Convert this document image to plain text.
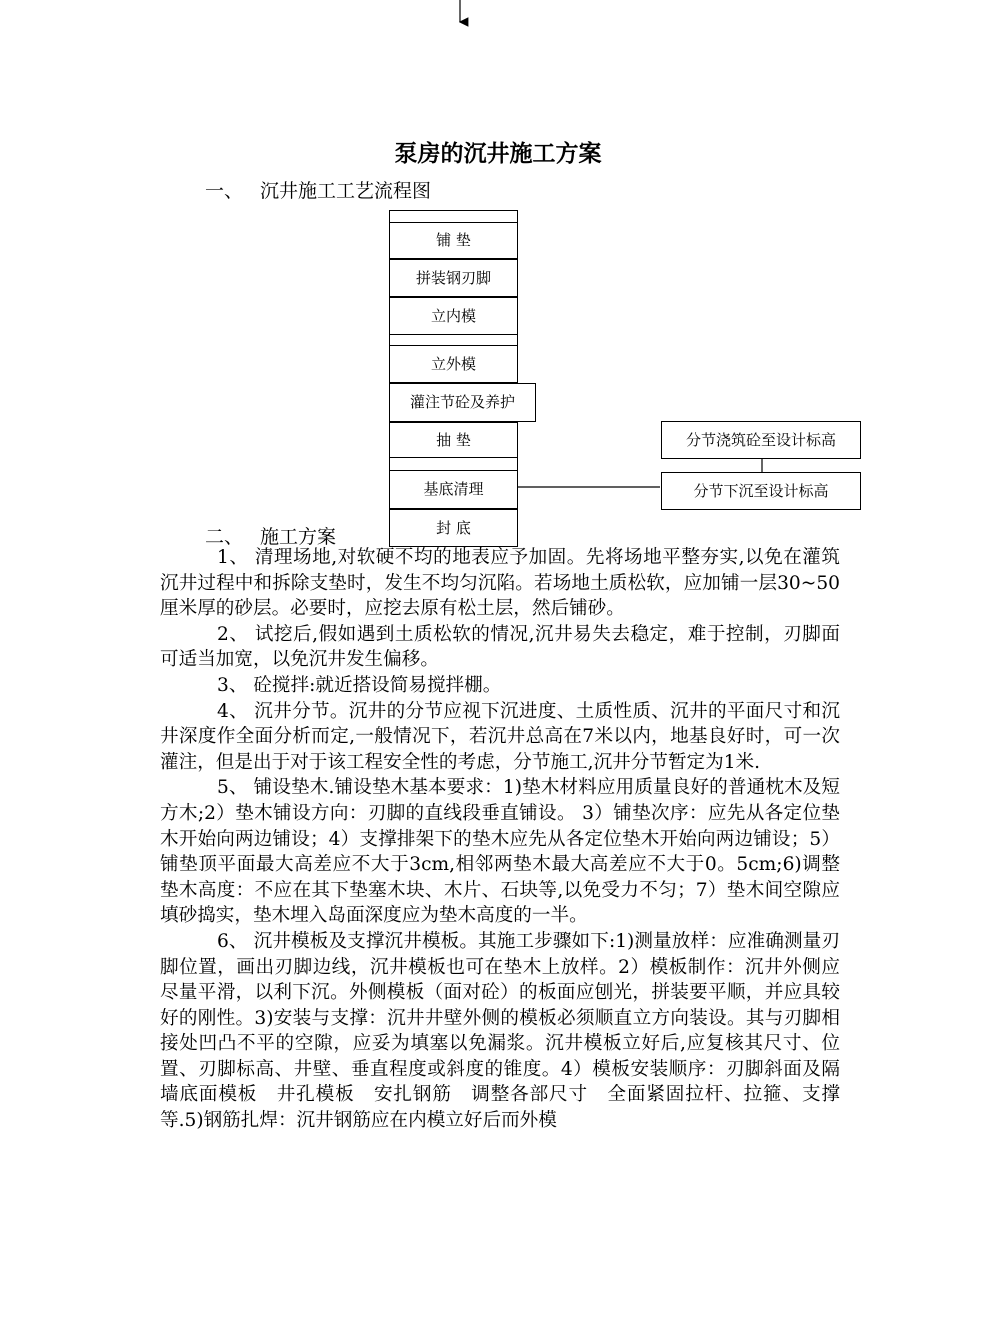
泵房的沉井施工方案
一、 沉井施工工艺流程图
铺 垫
拼装钢刃脚
立内模
立外模
灌注节砼及养护
抽 垫
基底清理
封 底
分节浇筑砼至设计标高
分节下沉至设计标高
二、 施工方案

1、 清理场地,对软硬不均的地表应予加固。先将场地平整夯实,以免在灌筑沉井过程中和拆除支垫时，发生不均匀沉陷。若场地土质松软，应加铺一层30~50厘米厚的砂层。必要时，应挖去原有松土层，然后铺砂。

2、 试挖后,假如遇到土质松软的情况,沉井易失去稳定，难于控制，刃脚面可适当加宽，以免沉井发生偏移。

3、 砼搅拌:就近搭设简易搅拌棚。

4、 沉井分节。沉井的分节应视下沉进度、土质性质、沉井的平面尺寸和沉井深度作全面分析而定,一般情况下，若沉井总高在7米以内，地基良好时，可一次灌注，但是出于对于该工程安全性的考虑，分节施工,沉井分节暂定为1米.

5、 铺设垫木.铺设垫木基本要求：1)垫木材料应用质量良好的普通枕木及短方木;2）垫木铺设方向：刃脚的直线段垂直铺设。 3）铺垫次序：应先从各定位垫木开始向两边铺设；4）支撑排架下的垫木应先从各定位垫木开始向两边铺设；5）铺垫顶平面最大高差应不大于3cm,相邻两垫木最大高差应不大于0。5cm;6)调整垫木高度：不应在其下垫塞木块、木片、石块等,以免受力不匀；7）垫木间空隙应填砂捣实，垫木埋入岛面深度应为垫木高度的一半。

6、 沉井模板及支撑沉井模板。其施工步骤如下:1)测量放样：应准确测量刃脚位置，画出刃脚边线，沉井模板也可在垫木上放样。2）模板制作：沉井外侧应尽量平滑，以利下沉。外侧模板（面对砼）的板面应刨光，拼装要平顺，并应具较好的刚性。3)安装与支撑：沉井井壁外侧的模板必须顺直立方向装设。其与刃脚相接处凹凸不平的空隙，应妥为填塞以免漏浆。沉井模板立好后,应复核其尺寸、位置、刃脚标高、井壁、垂直程度或斜度的锥度。4）模板安装顺序：刃脚斜面及隔墙底面模板　井孔模板　安扎钢筋　调整各部尺寸　全面紧固拉杆、拉箍、支撑等.5)钢筋扎焊：沉井钢筋应在内模立好后而外模
